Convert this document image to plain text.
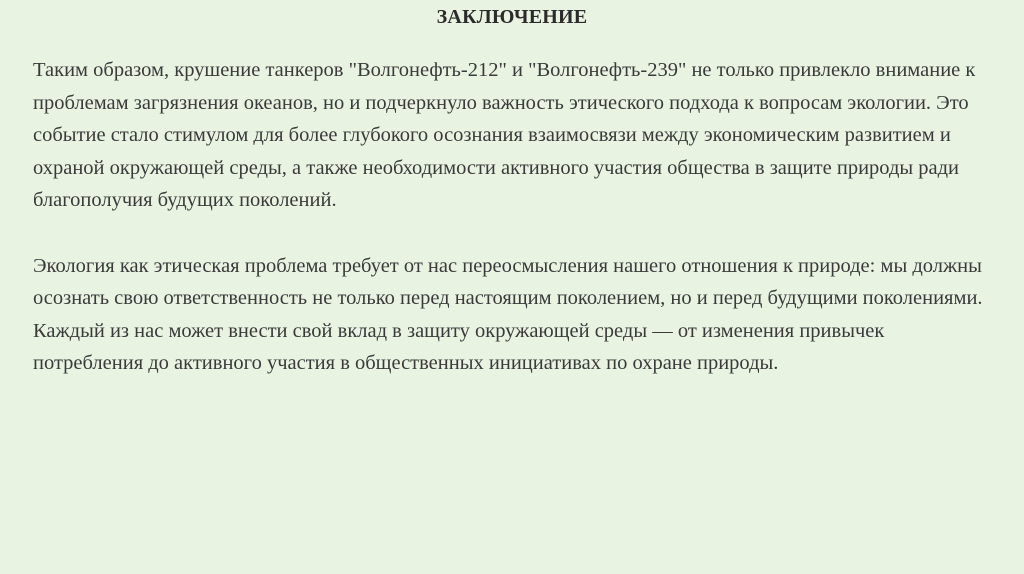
ЗАКЛЮЧЕНИЕ

Таким образом, крушение танкеров "Волгонефть-212" и "Волгонефть-239" не только привлекло внимание к проблемам загрязнения океанов, но и подчеркнуло важность этического подхода к вопросам экологии. Это событие стало стимулом для более глубокого осознания взаимосвязи между экономическим развитием и охраной окружающей среды, а также необходимости активного участия общества в защите природы ради благополучия будущих поколений.

Экология как этическая проблема требует от нас переосмысления нашего отношения к природе: мы должны осознать свою ответственность не только перед настоящим поколением, но и перед будущими поколениями. Каждый из нас может внести свой вклад в защиту окружающей среды — от изменения привычек потребления до активного участия в общественных инициативах по охране природы.
